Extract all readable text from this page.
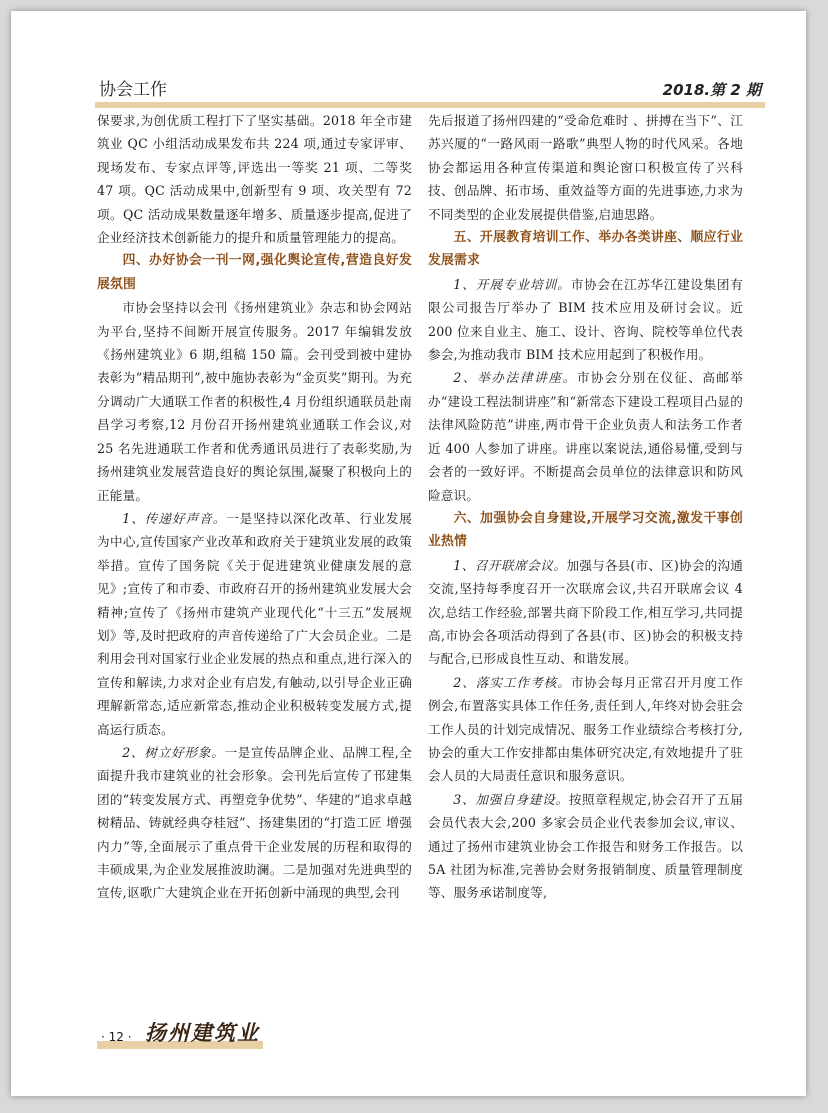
协会工作	2018.第 2 期

保要求,为创优质工程打下了坚实基础。2018 年全市建筑业 QC 小组活动成果发布共 224 项,通过专家评审、现场发布、专家点评等,评选出一等奖 21 项、二等奖 47 项。QC 活动成果中,创新型有 9 项、攻关型有 72 项。QC 活动成果数量逐年增多、质量逐步提高,促进了企业经济技术创新能力的提升和质量管理能力的提高。

四、办好协会一刊一网,强化舆论宣传,营造良好发展氛围

市协会坚持以会刊《扬州建筑业》杂志和协会网站为平台,坚持不间断开展宣传服务。2017 年编辑发放《扬州建筑业》6 期,组稿 150 篇。会刊受到被中建协表彰为“精品期刊”,被中施协表彰为“金页奖”期刊。为充分调动广大通联工作者的积极性,4 月份组织通联员赴南昌学习考察,12 月份召开扬州建筑业通联工作会议,对 25 名先进通联工作者和优秀通讯员进行了表彰奖励,为扬州建筑业发展营造良好的舆论氛围,凝聚了积极向上的正能量。

1、传递好声音。一是坚持以深化改革、行业发展为中心,宣传国家产业改革和政府关于建筑业发展的政策举措。宣传了国务院《关于促进建筑业健康发展的意见》;宣传了和市委、市政府召开的扬州建筑业发展大会精神;宣传了《扬州市建筑产业现代化“十三五”发展规划》等,及时把政府的声音传递给了广大会员企业。二是利用会刊对国家行业企业发展的热点和重点,进行深入的宣传和解读,力求对企业有启发,有触动,以引导企业正确理解新常态,适应新常态,推动企业积极转变发展方式,提高运行质态。

2、树立好形象。一是宣传品牌企业、品牌工程,全面提升我市建筑业的社会形象。会刊先后宣传了邗建集团的“转变发展方式、再塑竞争优势”、华建的“追求卓越树精品、铸就经典夺桂冠”、扬建集团的“打造工匠 增强内力”等,全面展示了重点骨干企业发展的历程和取得的丰硕成果,为企业发展推波助澜。二是加强对先进典型的宣传,讴歌广大建筑企业在开拓创新中涌现的典型,会刊

先后报道了扬州四建的“受命危难时 、拼搏在当下”、江苏兴厦的“一路风雨一路歌”典型人物的时代风采。各地协会都运用各种宣传渠道和舆论窗口积极宣传了兴科技、创品牌、拓市场、重效益等方面的先进事迹,力求为不同类型的企业发展提供借鉴,启迪思路。

五、开展教育培训工作、举办各类讲座、顺应行业发展需求

1、开展专业培训。市协会在江苏华江建设集团有限公司报告厅举办了 BIM 技术应用及研讨会议。近 200 位来自业主、施工、设计、咨询、院校等单位代表参会,为推动我市 BIM 技术应用起到了积极作用。

2、举办法律讲座。市协会分别在仪征、高邮举办“建设工程法制讲座”和“新常态下建设工程项目凸显的法律风险防范”讲座,两市骨干企业负责人和法务工作者近 400 人参加了讲座。讲座以案说法,通俗易懂,受到与会者的一致好评。不断提高会员单位的法律意识和防风险意识。

六、加强协会自身建设,开展学习交流,激发干事创业热情

1、召开联席会议。加强与各县(市、区)协会的沟通交流,坚持每季度召开一次联席会议,共召开联席会议 4 次,总结工作经验,部署共商下阶段工作,相互学习,共同提高,市协会各项活动得到了各县(市、区)协会的积极支持与配合,已形成良性互动、和谐发展。

2、落实工作考核。市协会每月正常召开月度工作例会,布置落实具体工作任务,责任到人,年终对协会驻会工作人员的计划完成情况、服务工作业绩综合考核打分,协会的重大工作安排都由集体研究决定,有效地提升了驻会人员的大局责任意识和服务意识。

3、加强自身建设。按照章程规定,协会召开了五届会员代表大会,200 多家会员企业代表参加会议,审议、通过了扬州市建筑业协会工作报告和财务工作报告。以 5A 社团为标准,完善协会财务报销制度、质量管理制度等、服务承诺制度等,

· 12 · 扬州建筑业
